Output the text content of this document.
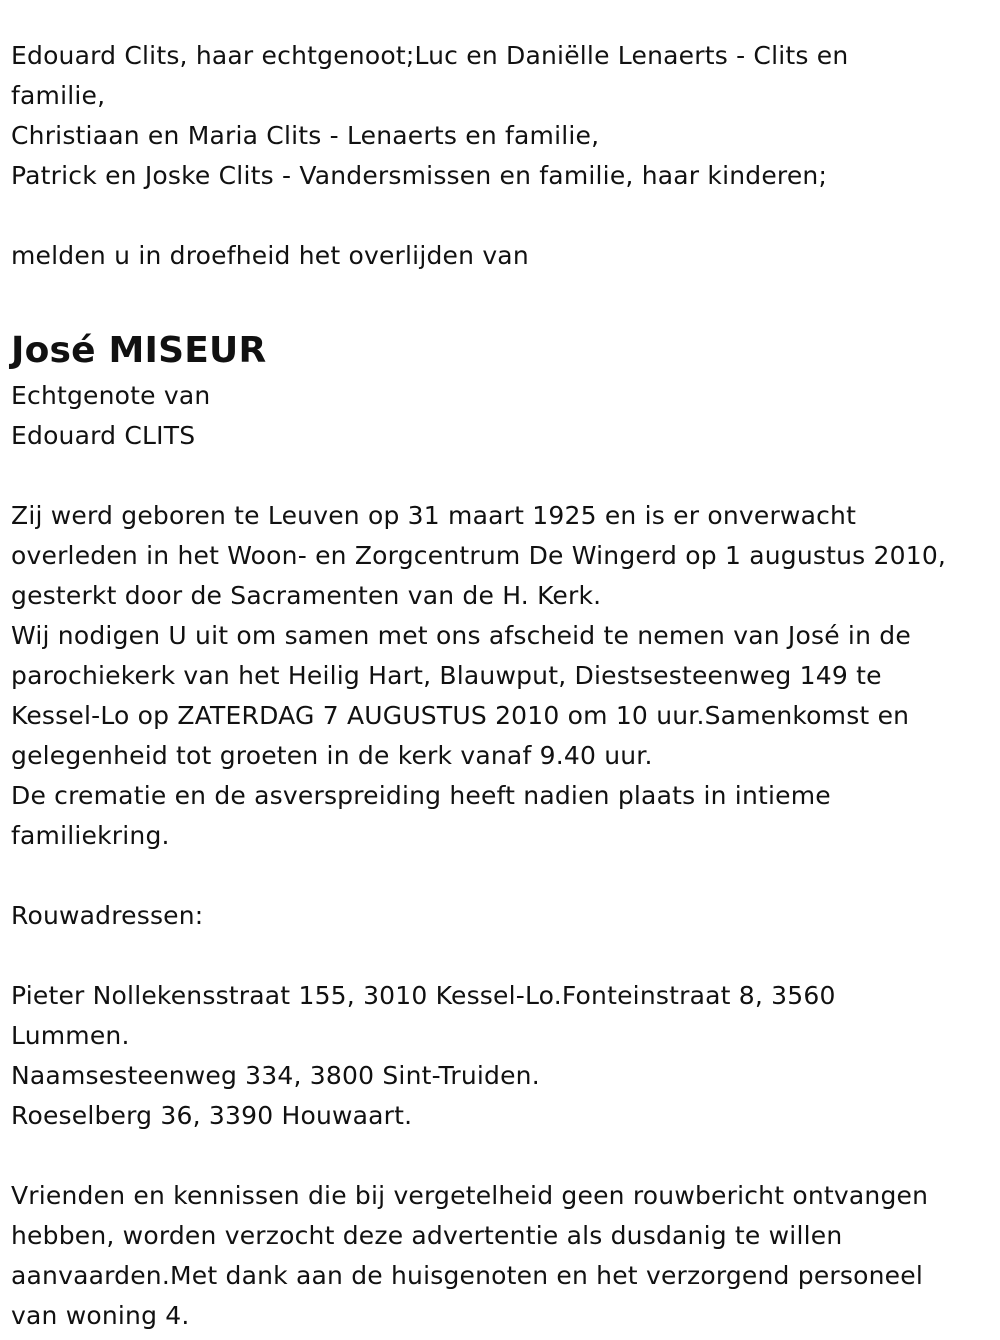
Edouard Clits, haar echtgenoot;Luc en Daniëlle Lenaerts - Clits en
familie,
Christiaan en Maria Clits - Lenaerts en familie,
Patrick en Joske Clits - Vandersmissen en familie, haar kinderen;
melden u in droefheid het overlijden van
José MISEUR
Echtgenote van
Edouard CLITS
Zij werd geboren te Leuven op 31 maart 1925 en is er onverwacht
overleden in het Woon- en Zorgcentrum De Wingerd op 1 augustus 2010,
gesterkt door de Sacramenten van de H. Kerk.
Wij nodigen U uit om samen met ons afscheid te nemen van José in de
parochiekerk van het Heilig Hart, Blauwput, Diestsesteenweg 149 te
Kessel-Lo op ZATERDAG 7 AUGUSTUS 2010 om 10 uur.Samenkomst en
gelegenheid tot groeten in de kerk vanaf 9.40 uur.
De crematie en de asverspreiding heeft nadien plaats in intieme
familiekring.
Rouwadressen:
Pieter Nollekensstraat 155, 3010 Kessel-Lo.Fonteinstraat 8, 3560
Lummen.
Naamsesteenweg 334, 3800 Sint-Truiden.
Roeselberg 36, 3390 Houwaart.
Vrienden en kennissen die bij vergetelheid geen rouwbericht ontvangen
hebben, worden verzocht deze advertentie als dusdanig te willen
aanvaarden.Met dank aan de huisgenoten en het verzorgend personeel
van woning 4.
